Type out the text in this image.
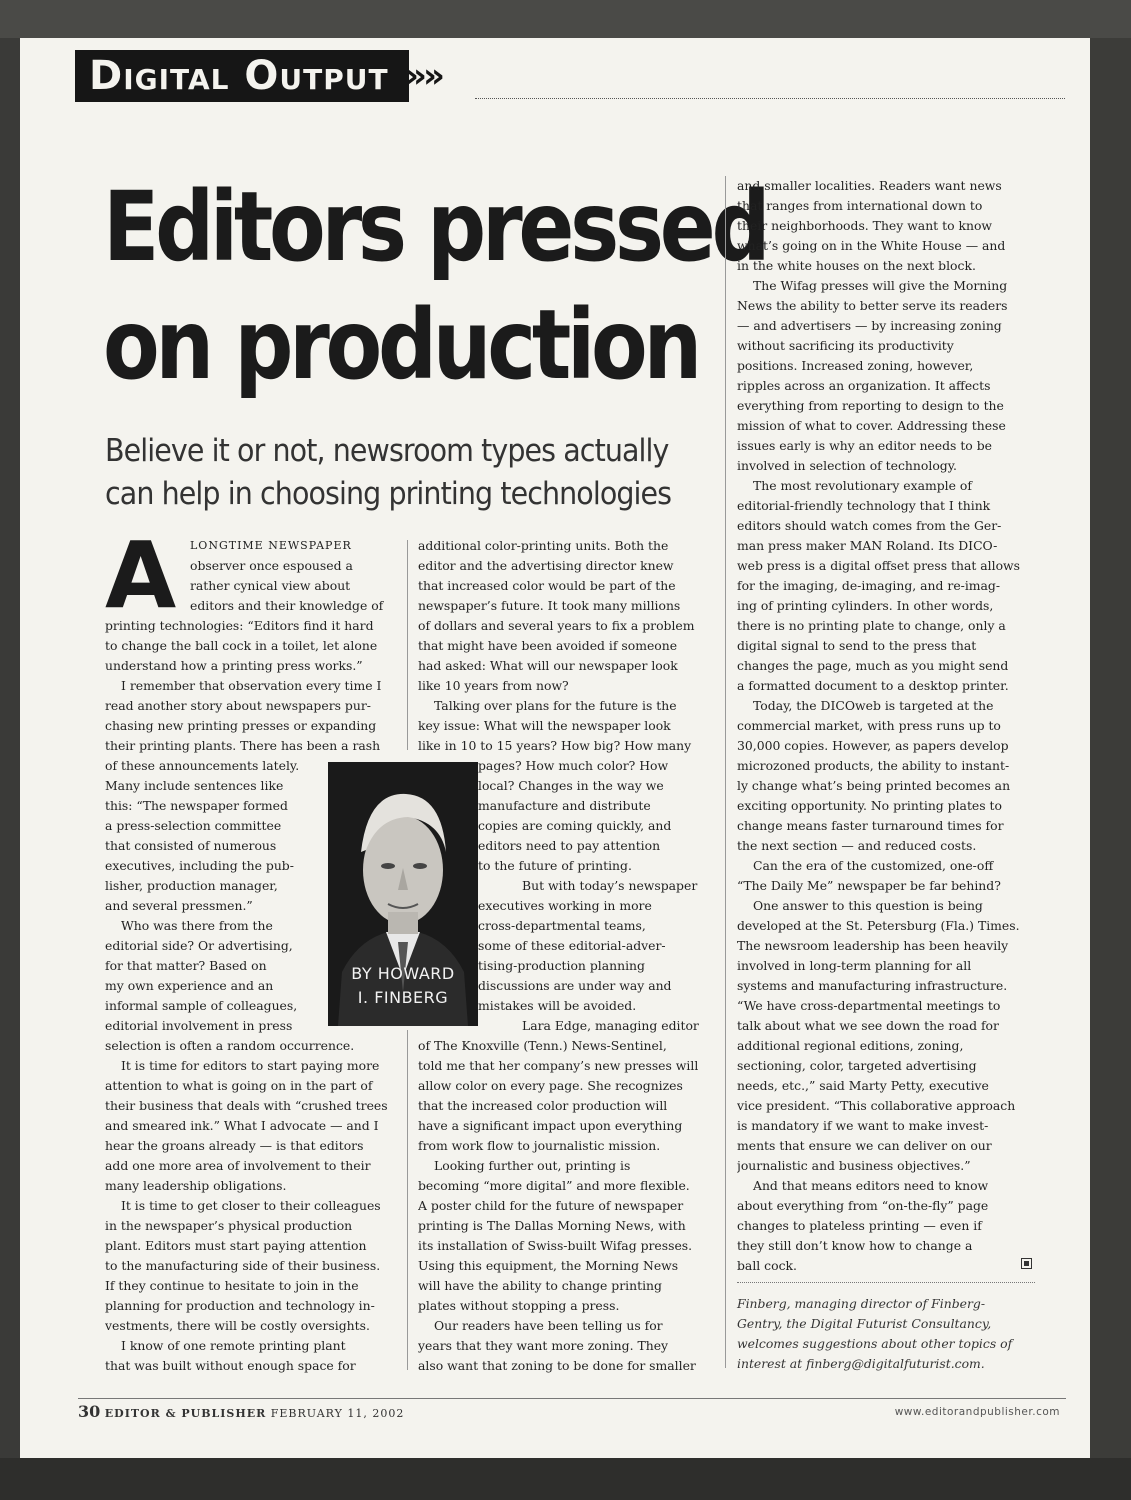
Digital Output »»
Editors pressed
on production
Believe it or not, newsroom types actually
can help in choosing printing technologies
A	LONGTIME NEWSPAPER
observer once espoused a
rather cynical view about
editors and their knowledge of
printing technologies: “Editors find it hard
to change the ball cock in a toilet, let alone
understand how a printing press works.”
I remember that observation every time I
read another story about newspapers pur-
chasing new printing presses or expanding
their printing plants. There has been a rash
of these announcements lately.
Many include sentences like
this: “The newspaper formed
a press-selection committee
that consisted of numerous
executives, including the pub-
lisher, production manager,
and several pressmen.”
Who was there from the
editorial side? Or advertising,
for that matter? Based on
my own experience and an
informal sample of colleagues,
editorial involvement in press
selection is often a random occurrence.
It is time for editors to start paying more
attention to what is going on in the part of
their business that deals with “crushed trees
and smeared ink.” What I advocate — and I
hear the groans already — is that editors
add one more area of involvement to their
many leadership obligations.
It is time to get closer to their colleagues
in the newspaper’s physical production
plant. Editors must start paying attention
to the manufacturing side of their business.
If they continue to hesitate to join in the
planning for production and technology in-
vestments, there will be costly oversights.
I know of one remote printing plant
that was built without enough space for
additional color-printing units. Both the
editor and the advertising director knew
that increased color would be part of the
newspaper’s future. It took many millions
of dollars and several years to fix a problem
that might have been avoided if someone
had asked: What will our newspaper look
like 10 years from now?
Talking over plans for the future is the
key issue: What will the newspaper look
like in 10 to 15 years? How big? How many
pages? How much color? How
local? Changes in the way we
manufacture and distribute
copies are coming quickly, and
editors need to pay attention
to the future of printing.
But with today’s newspaper
executives working in more
cross-departmental teams,
some of these editorial-adver-
tising-production planning
discussions are under way and
mistakes will be avoided.
Lara Edge, managing editor
of The Knoxville (Tenn.) News-Sentinel,
told me that her company’s new presses will
allow color on every page. She recognizes
that the increased color production will
have a significant impact upon everything
from work flow to journalistic mission.
Looking further out, printing is
becoming “more digital” and more flexible.
A poster child for the future of newspaper
printing is The Dallas Morning News, with
its installation of Swiss-built Wifag presses.
Using this equipment, the Morning News
will have the ability to change printing
plates without stopping a press.
Our readers have been telling us for
years that they want more zoning. They
also want that zoning to be done for smaller
and smaller localities. Readers want news
that ranges from international down to
their neighborhoods. They want to know
what’s going on in the White House — and
in the white houses on the next block.
The Wifag presses will give the Morning
News the ability to better serve its readers
— and advertisers — by increasing zoning
without sacrificing its productivity
positions. Increased zoning, however,
ripples across an organization. It affects
everything from reporting to design to the
mission of what to cover. Addressing these
issues early is why an editor needs to be
involved in selection of technology.
The most revolutionary example of
editorial-friendly technology that I think
editors should watch comes from the Ger-
man press maker MAN Roland. Its DICO-
web press is a digital offset press that allows
for the imaging, de-imaging, and re-imag-
ing of printing cylinders. In other words,
there is no printing plate to change, only a
digital signal to send to the press that
changes the page, much as you might send
a formatted document to a desktop printer.
Today, the DICOweb is targeted at the
commercial market, with press runs up to
30,000 copies. However, as papers develop
microzoned products, the ability to instant-
ly change what’s being printed becomes an
exciting opportunity. No printing plates to
change means faster turnaround times for
the next section — and reduced costs.
Can the era of the customized, one-off
“The Daily Me” newspaper be far behind?
One answer to this question is being
developed at the St. Petersburg (Fla.) Times.
The newsroom leadership has been heavily
involved in long-term planning for all
systems and manufacturing infrastructure.
“We have cross-departmental meetings to
talk about what we see down the road for
additional regional editions, zoning,
sectioning, color, targeted advertising
needs, etc.,” said Marty Petty, executive
vice president. “This collaborative approach
is mandatory if we want to make invest-
ments that ensure we can deliver on our
journalistic and business objectives.”
And that means editors need to know
about everything from “on-the-fly” page
changes to plateless printing — even if
they still don’t know how to change a
ball cock.
BY HOWARD
I. FINBERG
Finberg, managing director of Finberg-
Gentry, the Digital Futurist Consultancy,
welcomes suggestions about other topics of
interest at finberg@digitalfuturist.com.
30 EDITOR & PUBLISHER FEBRUARY 11, 2002	www.editorandpublisher.com
